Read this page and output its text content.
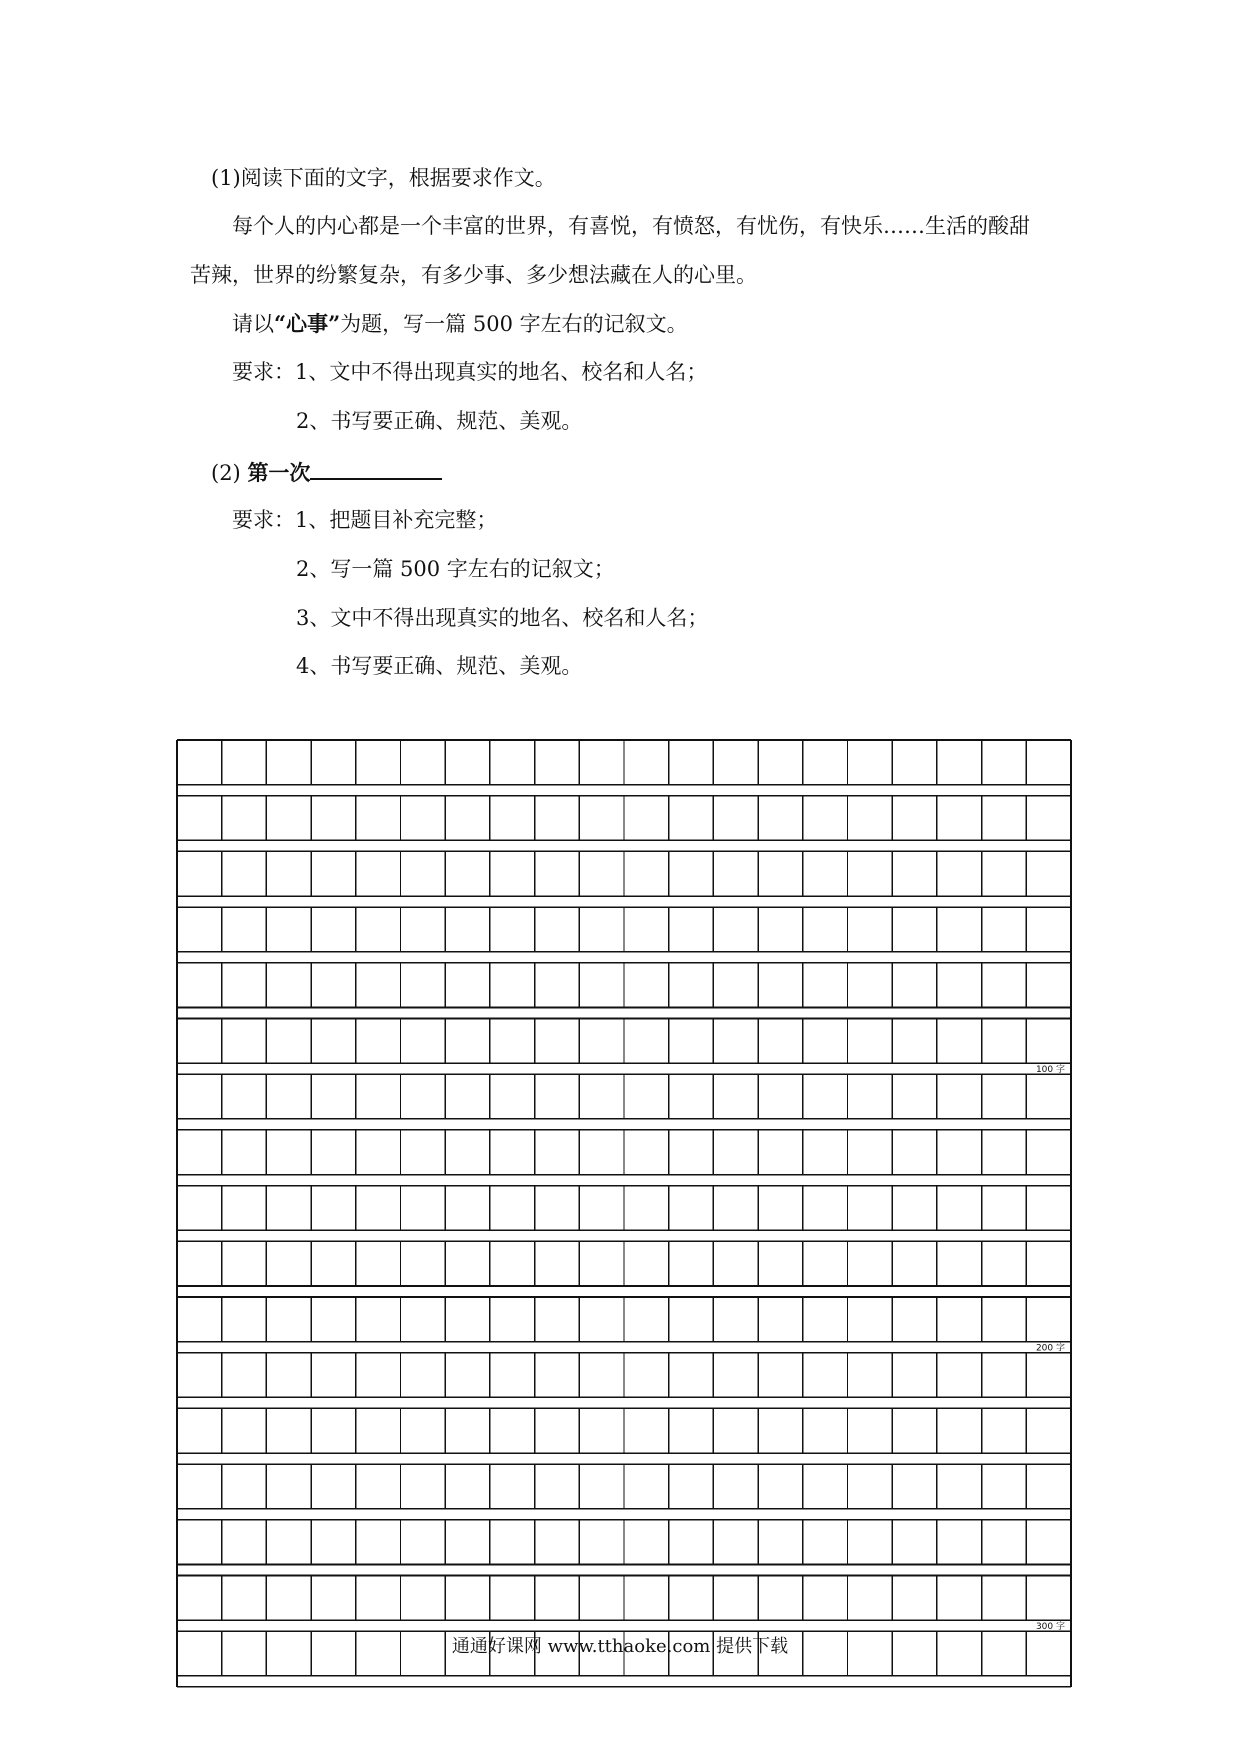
(1)阅读下面的文字，根据要求作文。
每个人的内心都是一个丰富的世界，有喜悦，有愤怒，有忧伤，有快乐……生活的酸甜
苦辣，世界的纷繁复杂，有多少事、多少想法藏在人的心里。
请以“心事”为题，写一篇 500 字左右的记叙文。
要求：1、文中不得出现真实的地名、校名和人名；
2、书写要正确、规范、美观。
(2) 第一次
要求：1、把题目补充完整；
2、写一篇 500 字左右的记叙文；
3、文中不得出现真实的地名、校名和人名；
4、书写要正确、规范、美观。
100 字
200 字
300 字
通通好课网 www.tthaoke.com 提供下载
